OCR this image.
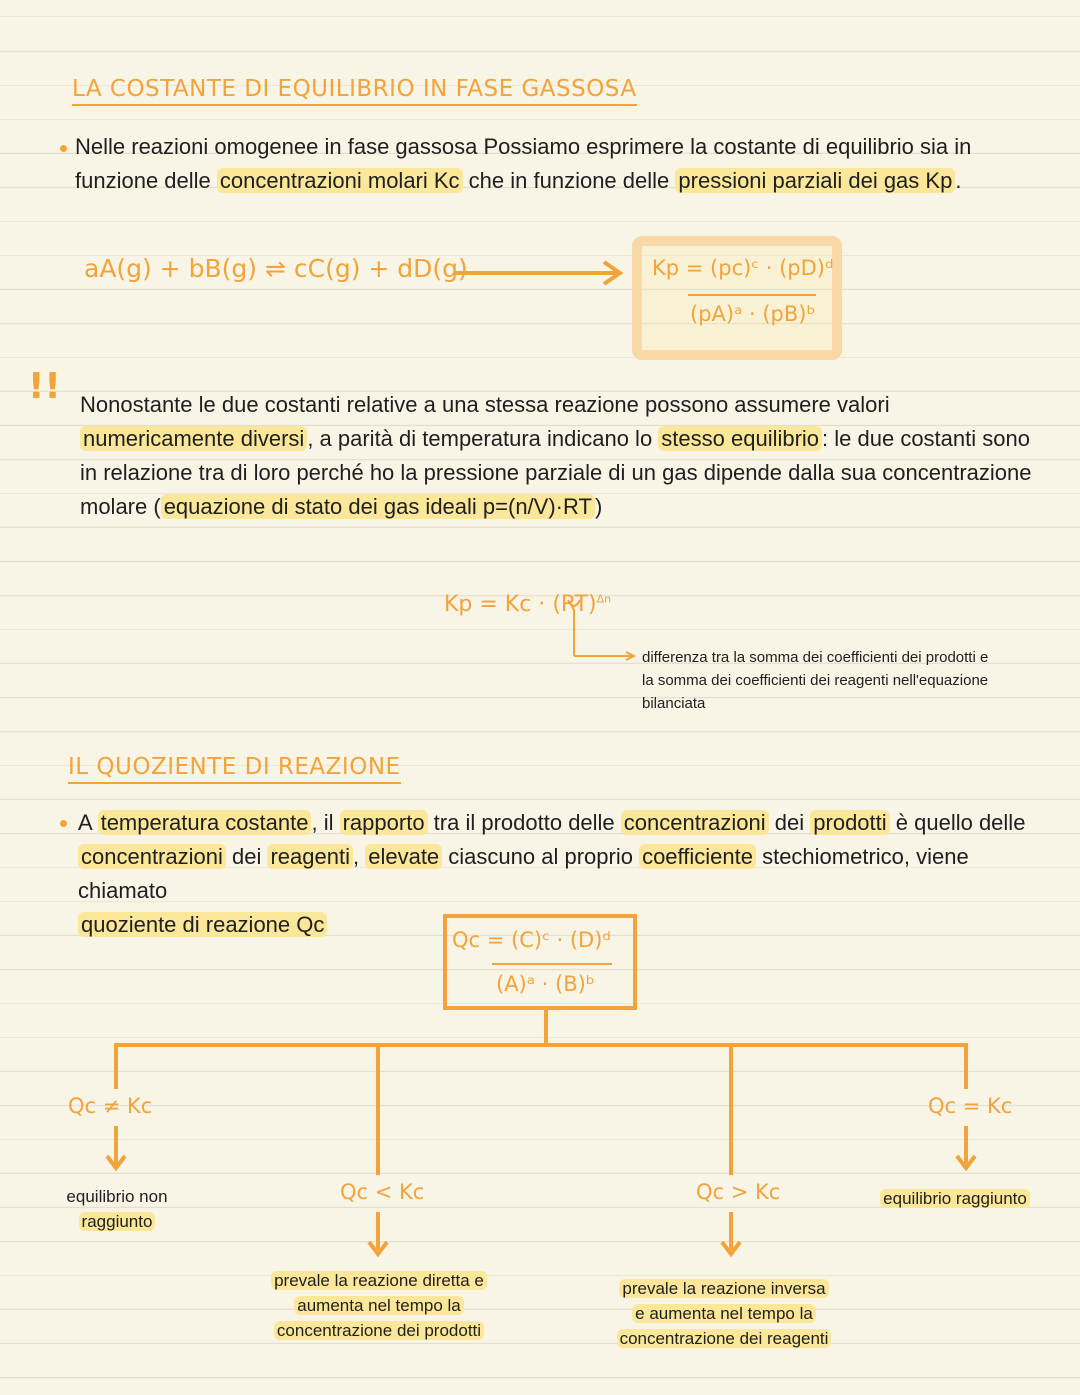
LA COSTANTE DI EQUILIBRIO IN FASE GASSOSA
Nelle reazioni omogenee in fase gassosa Possiamo esprimere la costante di equilibrio sia in
funzione delle concentrazioni molari Kc che in funzione delle pressioni parziali dei gas Kp .
aA(g) + bB(g) ⇌ cC(g) + dD(g)	Kp = (pc)ᶜ · (pD)ᵈ
(pA)ᵃ · (pB)ᵇ
!! Nonostante le due costanti relative a una stessa reazione possono assumere valori
numericamente diversi , a parità di temperatura indicano lo stesso equilibrio : le due costanti sono
in relazione tra di loro perché ho la pressione parziale di un gas dipende dalla sua concentrazione
molare ( equazione di stato dei gas ideali p=(n/V)·RT )
Kp = Kc · (RT)$^{\Delta n}$
differenza tra la somma dei coefficienti dei prodotti e
la somma dei coefficienti dei reagenti nell'equazione
bilanciata
IL QUOZIENTE DI REAZIONE
A temperatura costante , il rapporto tra il prodotto delle concentrazioni dei prodotti è quello delle
concentrazioni dei reagenti , elevate ciascuno al proprio coefficiente stechiometrico, viene chiamato
quoziente di reazione Qc
Qc = (C)ᶜ · (D)ᵈ
(A)ᵃ · (B)ᵇ
Qc ≠ Kc
equilibrio non
raggiunto
Qc < Kc
prevale la reazione diretta e
aumenta nel tempo la
concentrazione dei prodotti
Qc > Kc
prevale la reazione inversa
e aumenta nel tempo la
concentrazione dei reagenti
Qc = Kc
equilibrio raggiunto
